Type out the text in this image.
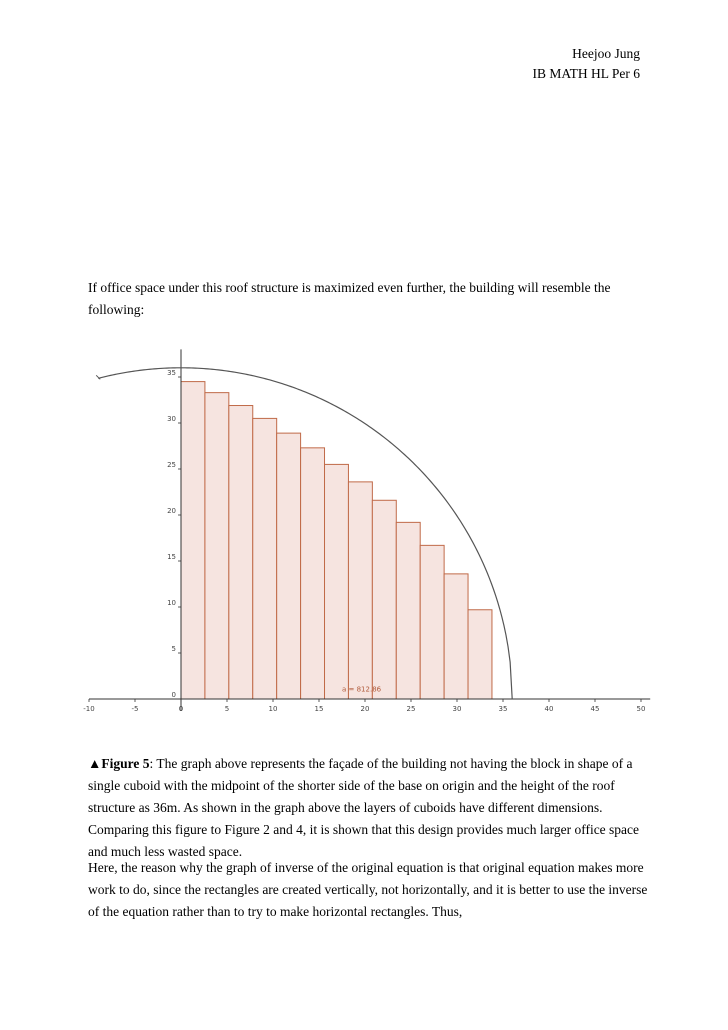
Heejoo Jung
IB MATH HL Per 6

If office space under this roof structure is maximized even further, the building will resemble the following:

-10	-5	0	5	10	15	20	25	30	35	40	45	50
0
5
10
15
20
25
30
35
a = 812.86

▲Figure 5: The graph above represents the façade of the building not having the block in shape of a single cuboid with the midpoint of the shorter side of the base on origin and the height of the roof structure as 36m. As shown in the graph above the layers of cuboids have different dimensions. Comparing this figure to Figure 2 and 4, it is shown that this design provides much larger office space and much less wasted space.

Here, the reason why the graph of inverse of the original equation is that original equation makes more work to do, since the rectangles are created vertically, not horizontally, and it is better to use the inverse of the equation rather than to try to make horizontal rectangles. Thus,
